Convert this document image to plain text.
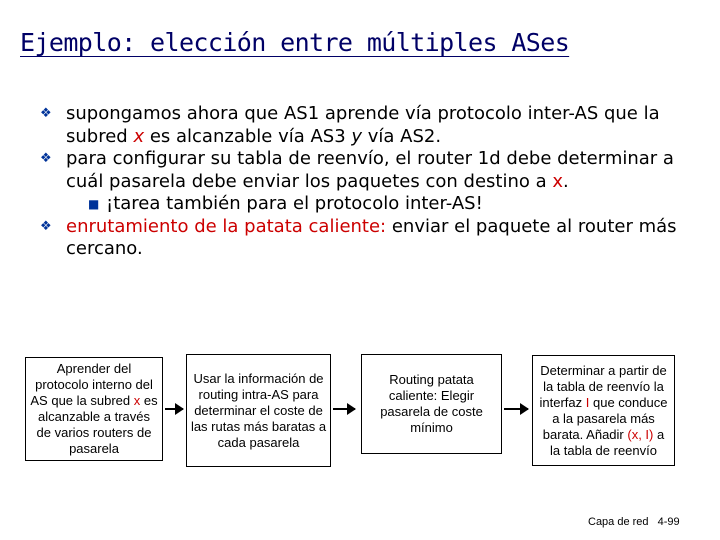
Ejemplo: elección entre múltiples ASes
❖ supongamos ahora que AS1 aprende vía protocolo inter-AS que la subred x es alcanzable vía AS3 y vía AS2.
❖ para configurar su tabla de reenvío, el router 1d debe determinar a cuál pasarela debe enviar los paquetes con destino a x.
■ ¡tarea también para el protocolo inter-AS!
❖ enrutamiento de la patata caliente: enviar el paquete al router más cercano.
Aprender del protocolo interno del AS que la subred x es alcanzable a través de varios routers de pasarela
Usar la información de routing intra-AS para determinar el coste de las rutas más baratas a cada pasarela
Routing patata caliente: Elegir pasarela de coste mínimo
Determinar a partir de la tabla de reenvío la interfaz I que conduce a la pasarela más barata. Añadir (x, I) a la tabla de reenvío
Capa de red 4-99
